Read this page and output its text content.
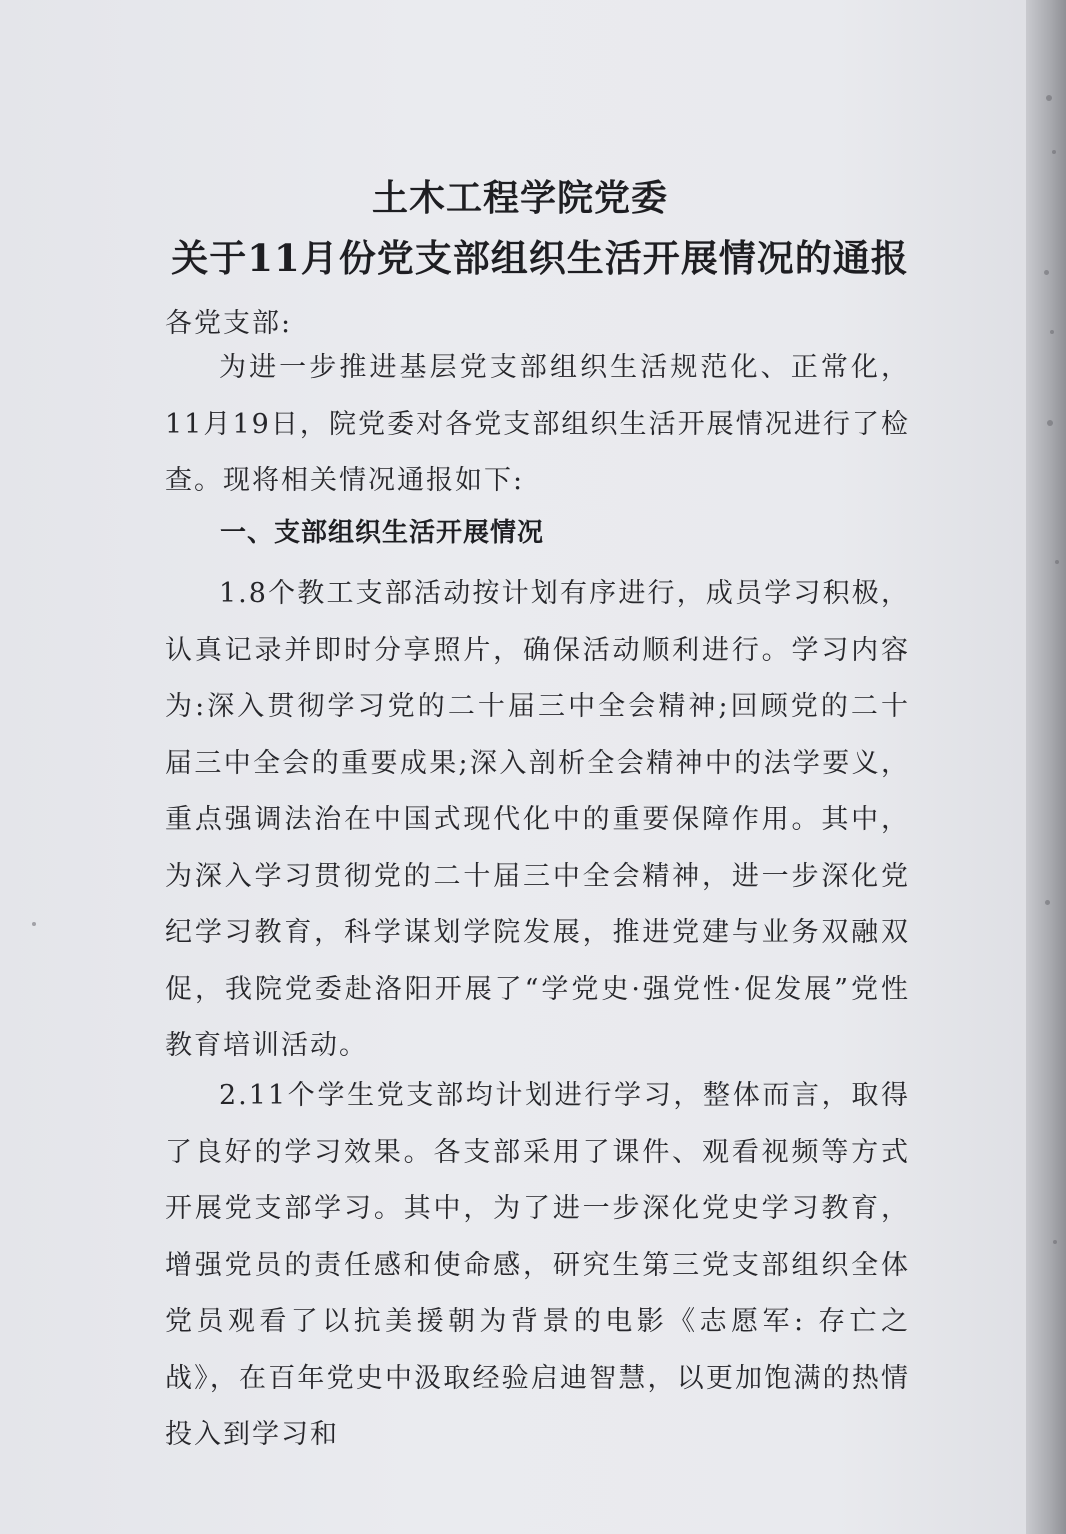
土木工程学院党委
关于11月份党支部组织生活开展情况的通报
各党支部:

为进一步推进基层党支部组织生活规范化、正常化，11月19日，院党委对各党支部组织生活开展情况进行了检查。现将相关情况通报如下:

一、支部组织生活开展情况

1.8个教工支部活动按计划有序进行，成员学习积极，认真记录并即时分享照片，确保活动顺利进行。学习内容为:深入贯彻学习党的二十届三中全会精神;回顾党的二十届三中全会的重要成果;深入剖析全会精神中的法学要义，重点强调法治在中国式现代化中的重要保障作用。其中，为深入学习贯彻党的二十届三中全会精神，进一步深化党纪学习教育，科学谋划学院发展，推进党建与业务双融双促，我院党委赴洛阳开展了“学党史·强党性·促发展”党性教育培训活动。

2.11个学生党支部均计划进行学习，整体而言，取得了良好的学习效果。各支部采用了课件、观看视频等方式开展党支部学习。其中，为了进一步深化党史学习教育，增强党员的责任感和使命感，研究生第三党支部组织全体党员观看了以抗美援朝为背景的电影《志愿军: 存亡之战》，在百年党史中汲取经验启迪智慧，以更加饱满的热情投入到学习和
